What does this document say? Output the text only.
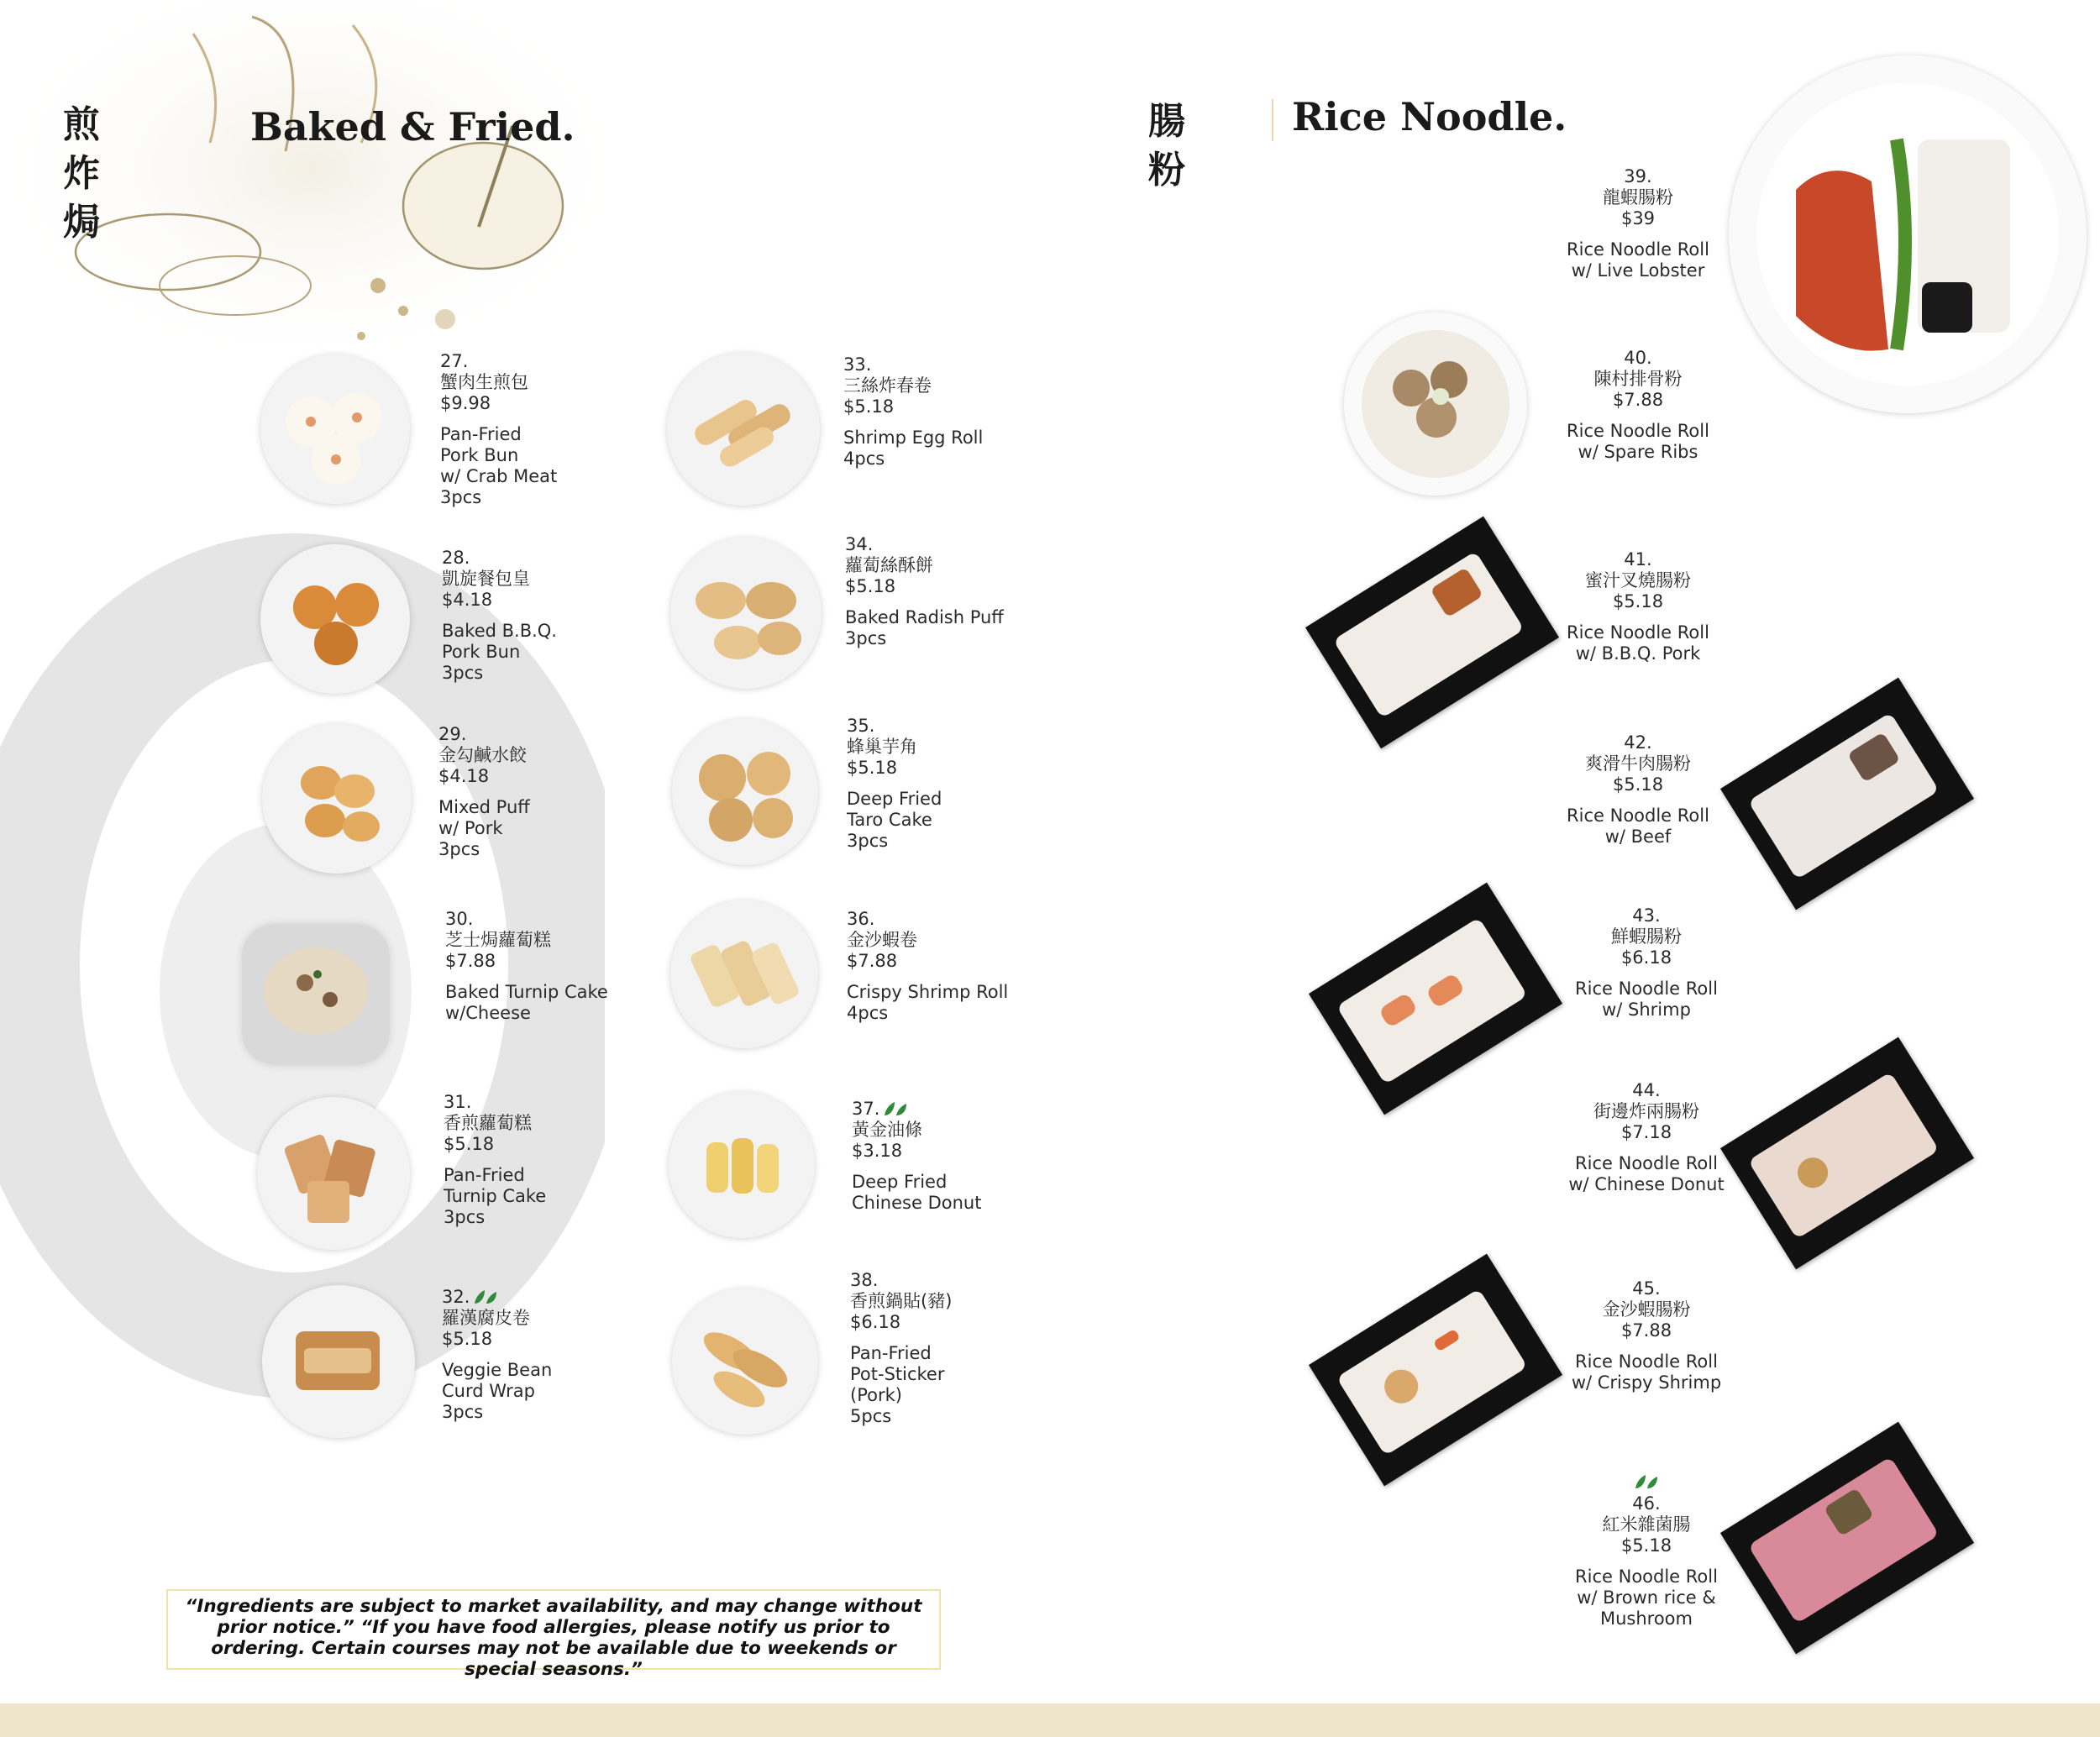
煎炸焗
Baked & Fried.
27.
蟹肉生煎包
$9.98
Pan-Fried
Pork Bun
w/ Crab Meat
3pcs
28.
凱旋餐包皇
$4.18
Baked B.B.Q.
Pork Bun
3pcs
29.
金勾鹹水餃
$4.18
Mixed Puff
w/ Pork
3pcs
30.
芝士焗蘿蔔糕
$7.88
Baked Turnip Cake
w/Cheese
31.
香煎蘿蔔糕
$5.18
Pan-Fried
Turnip Cake
3pcs
32.
羅漢腐皮卷
$5.18
Veggie Bean
Curd Wrap
3pcs
33.
三絲炸春卷
$5.18
Shrimp Egg Roll
4pcs
34.
蘿蔔絲酥餅
$5.18
Baked Radish Puff
3pcs
35.
蜂巢芋角
$5.18
Deep Fried
Taro Cake
3pcs
36.
金沙蝦卷
$7.88
Crispy Shrimp Roll
4pcs
37.
黃金油條
$3.18
Deep Fried
Chinese Donut
38.
香煎鍋貼(豬)
$6.18
Pan-Fried
Pot-Sticker
(Pork)
5pcs
“Ingredients are subject to market availability, and may change without prior notice.” “If you have food allergies, please notify us prior to ordering. Certain courses may not be available due to weekends or special seasons.”
腸粉
Rice Noodle.
39.
龍蝦腸粉
$39
Rice Noodle Roll
w/ Live Lobster
40.
陳村排骨粉
$7.88
Rice Noodle Roll
w/ Spare Ribs
41.
蜜汁叉燒腸粉
$5.18
Rice Noodle Roll
w/ B.B.Q. Pork
42.
爽滑牛肉腸粉
$5.18
Rice Noodle Roll
w/ Beef
43.
鮮蝦腸粉
$6.18
Rice Noodle Roll
w/ Shrimp
44.
街邊炸兩腸粉
$7.18
Rice Noodle Roll
w/ Chinese Donut
45.
金沙蝦腸粉
$7.88
Rice Noodle Roll
w/ Crispy Shrimp
46.
紅米雜菌腸
$5.18
Rice Noodle Roll
w/ Brown rice &
Mushroom
